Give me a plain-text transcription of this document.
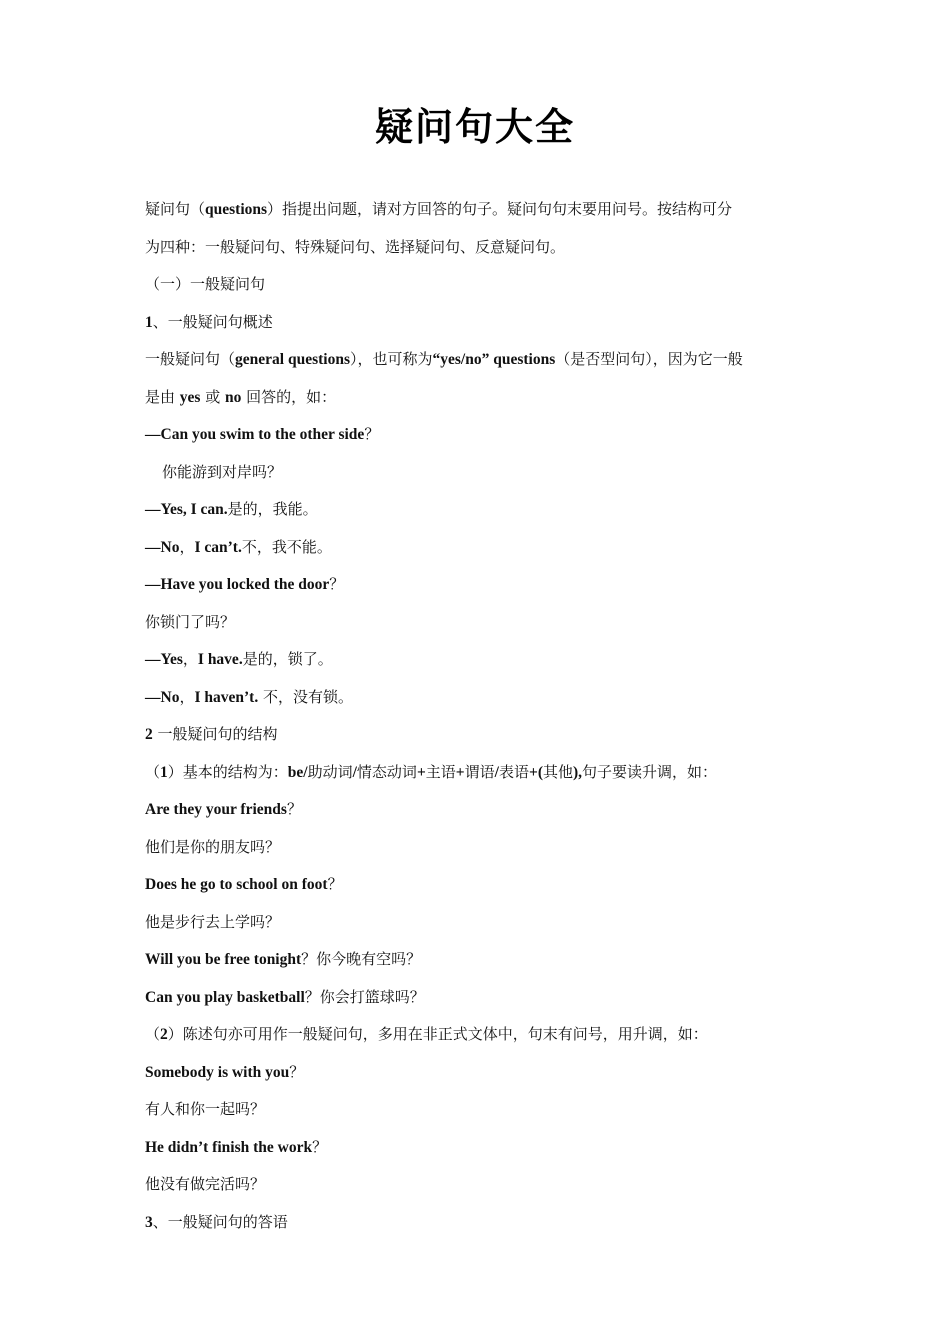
疑问句大全
疑问句（questions）指提出问题，请对方回答的句子。疑问句句末要用问号。按结构可分
为四种：一般疑问句、特殊疑问句、选择疑问句、反意疑问句。
（一）一般疑问句
1、一般疑问句概述
一般疑问句（general questions），也可称为“yes/no” questions（是否型问句），因为它一般
是由 yes 或 no 回答的，如：
—Can you swim to the other side？
你能游到对岸吗？
—Yes, I can.是的，我能。
—No，I can’t.不，我不能。
—Have you locked the door？
你锁门了吗？
—Yes，I have.是的，锁了。
—No，I haven’t. 不，没有锁。
2 一般疑问句的结构
（1）基本的结构为：be/助动词/情态动词+主语+谓语/表语+(其他),句子要读升调，如：
Are they your friends？
他们是你的朋友吗？
Does he go to school on foot？
他是步行去上学吗？
Will you be free tonight？你今晚有空吗？
Can you play basketball？你会打篮球吗？
（2）陈述句亦可用作一般疑问句，多用在非正式文体中，句末有问号，用升调，如：
Somebody is with you？
有人和你一起吗？
He didn’t finish the work？
他没有做完活吗？
3、一般疑问句的答语
